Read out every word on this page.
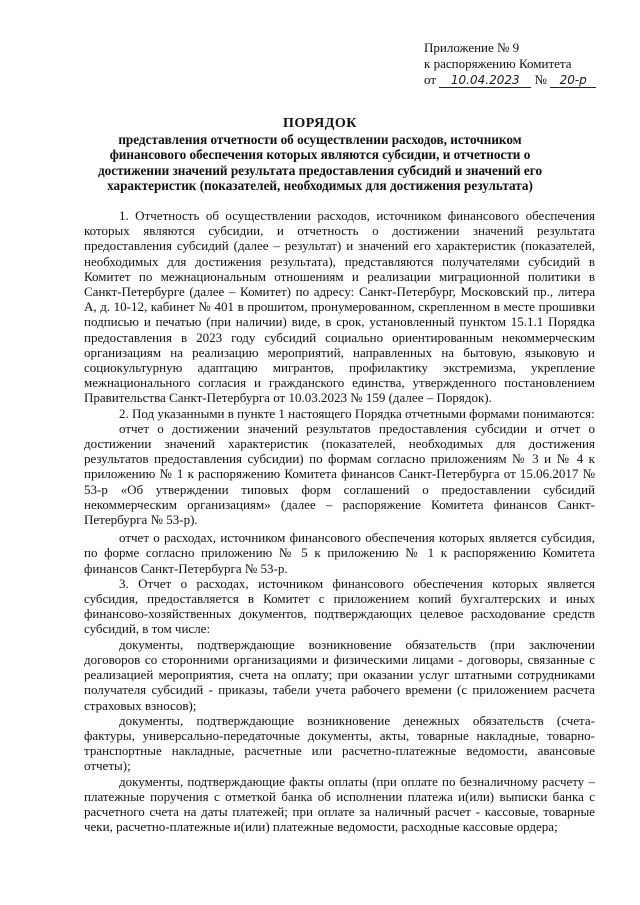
Приложение № 9
к распоряжению Комитета
от 10.04.2023 № 20-р
ПОРЯДОК
представления отчетности об осуществлении расходов, источником финансового обеспечения которых являются субсидии, и отчетности о достижении значений результата предоставления субсидий и значений его характеристик (показателей, необходимых для достижения результата)

1. Отчетность об осуществлении расходов, источником финансового обеспечения которых являются субсидии, и отчетность о достижении значений результата предоставления субсидий (далее – результат) и значений его характеристик (показателей, необходимых для достижения результата), представляются получателями субсидий в Комитет по межнациональным отношениям и реализации миграционной политики в Санкт-Петербурге (далее – Комитет) по адресу: Санкт-Петербург, Московский пр., литера А, д. 10-12, кабинет № 401 в прошитом, пронумерованном, скрепленном в месте прошивки подписью и печатью (при наличии) виде, в срок, установленный пунктом 15.1.1 Порядка предоставления в 2023 году субсидий социально ориентированным некоммерческим организациям на реализацию мероприятий, направленных на бытовую, языковую и социокультурную адаптацию мигрантов, профилактику экстремизма, укрепление межнационального согласия и гражданского единства, утвержденного постановлением Правительства Санкт-Петербурга от 10.03.2023 № 159 (далее – Порядок).

2. Под указанными в пункте 1 настоящего Порядка отчетными формами понимаются:

отчет о достижении значений результатов предоставления субсидии и отчет о достижении значений характеристик (показателей, необходимых для достижения результатов предоставления субсидии) по формам согласно приложениям № 3 и № 4 к приложению № 1 к распоряжению Комитета финансов Санкт-Петербурга от 15.06.2017 № 53-р «Об утверждении типовых форм соглашений о предоставлении субсидий некоммерческим организациям» (далее – распоряжение Комитета финансов Санкт-Петербурга № 53-р).

отчет о расходах, источником финансового обеспечения которых является субсидия, по форме согласно приложению № 5 к приложению № 1 к распоряжению Комитета финансов Санкт-Петербурга № 53-р.

3. Отчет о расходах, источником финансового обеспечения которых является субсидия, предоставляется в Комитет с приложением копий бухгалтерских и иных финансово-хозяйственных документов, подтверждающих целевое расходование средств субсидий, в том числе:

документы, подтверждающие возникновение обязательств (при заключении договоров со сторонними организациями и физическими лицами - договоры, связанные с реализацией мероприятия, счета на оплату; при оказании услуг штатными сотрудниками получателя субсидий - приказы, табели учета рабочего времени (с приложением расчета страховых взносов);

документы, подтверждающие возникновение денежных обязательств (счета-фактуры, универсально-передаточные документы, акты, товарные накладные, товарно-транспортные накладные, расчетные или расчетно-платежные ведомости, авансовые отчеты);

документы, подтверждающие факты оплаты (при оплате по безналичному расчету – платежные поручения с отметкой банка об исполнении платежа и(или) выписки банка с расчетного счета на даты платежей; при оплате за наличный расчет - кассовые, товарные чеки, расчетно-платежные и(или) платежные ведомости, расходные кассовые ордера;
